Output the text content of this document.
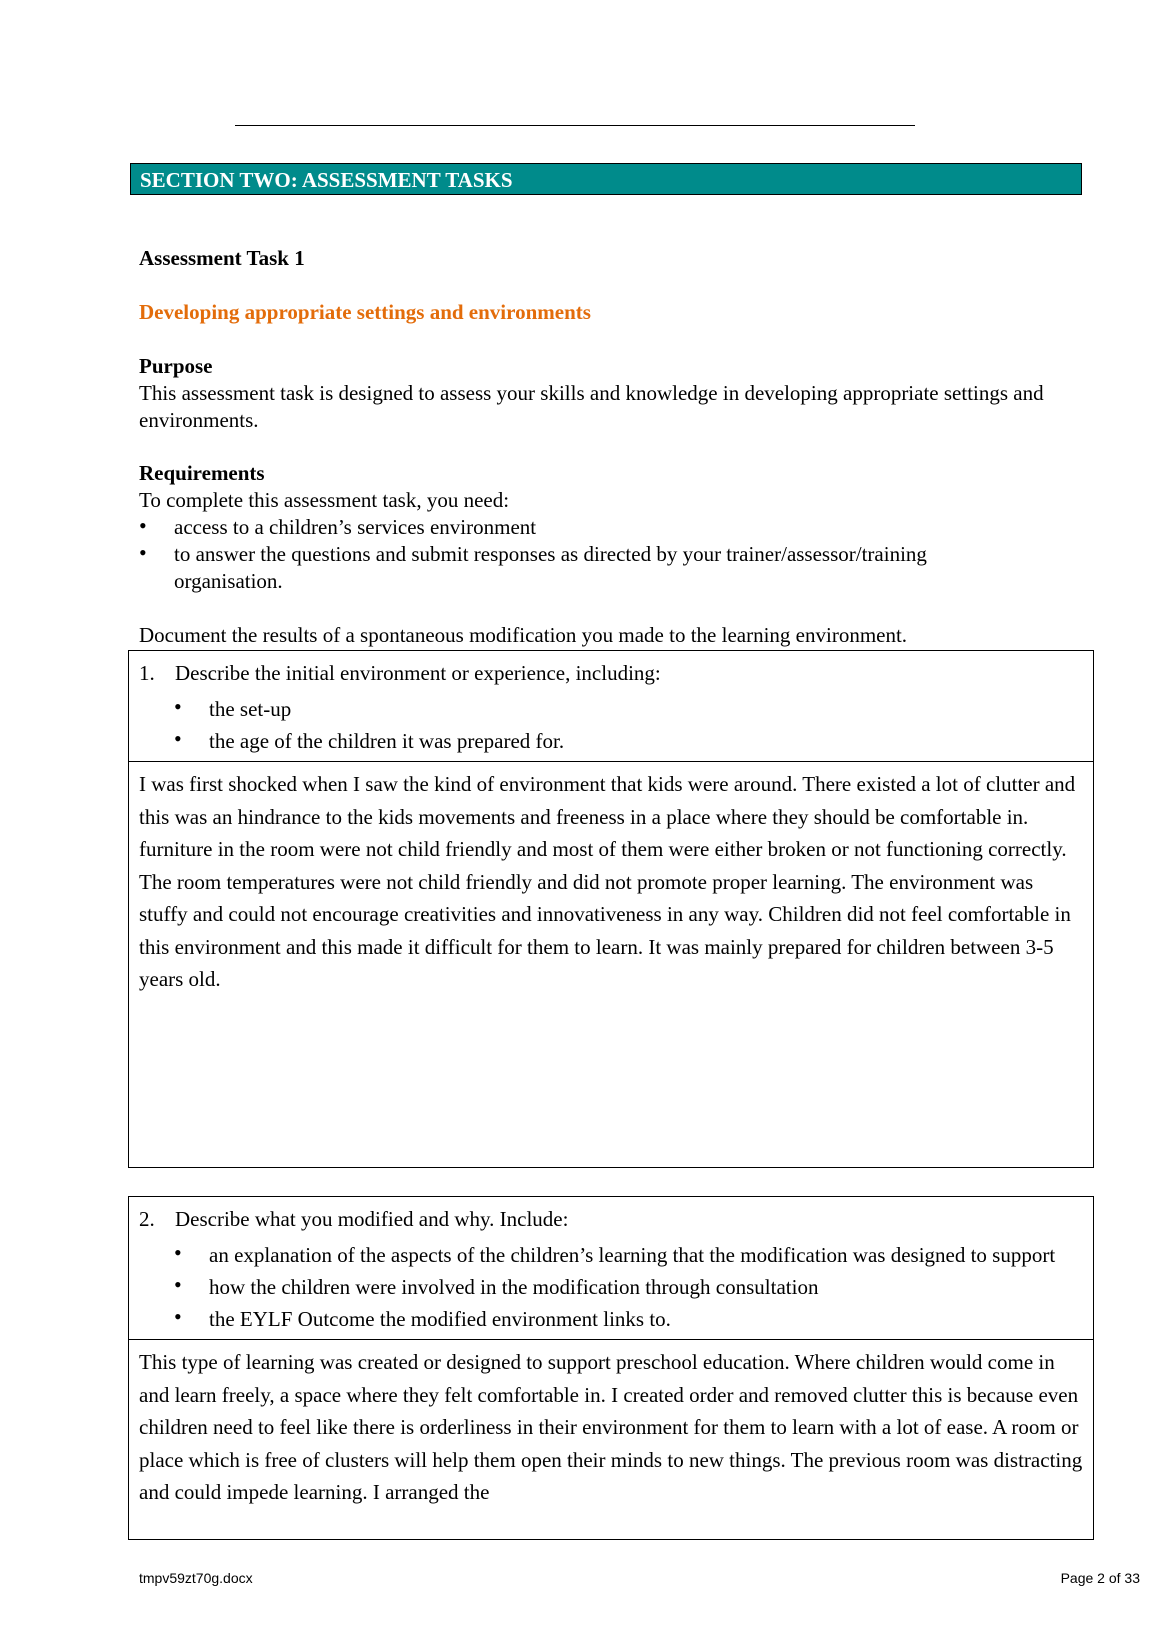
SECTION TWO: ASSESSMENT TASKS
Assessment Task 1
Developing appropriate settings and environments
Purpose
This assessment task is designed to assess your skills and knowledge in developing appropriate settings and environments.
Requirements
To complete this assessment task, you need:
• access to a children’s services environment
• to answer the questions and submit responses as directed by your trainer/assessor/training organisation.
Document the results of a spontaneous modification you made to the learning environment.
1. Describe the initial environment or experience, including:
• the set-up
• the age of the children it was prepared for.
I was first shocked when I saw the kind of environment that kids were around. There existed a lot of clutter and this was an hindrance to the kids movements and freeness in a place where they should be comfortable in. furniture in the room were not child friendly and most of them were either broken or not functioning correctly. The room temperatures were not child friendly and did not promote proper learning. The environment was stuffy and could not encourage creativities and innovativeness in any way. Children did not feel comfortable in this environment and this made it difficult for them to learn. It was mainly prepared for children between 3-5 years old.
2. Describe what you modified and why. Include:
• an explanation of the aspects of the children’s learning that the modification was designed to support
• how the children were involved in the modification through consultation
• the EYLF Outcome the modified environment links to.
This type of learning was created or designed to support preschool education. Where children would come in and learn freely, a space where they felt comfortable in. I created order and removed clutter this is because even children need to feel like there is orderliness in their environment for them to learn with a lot of ease. A room or place which is free of clusters will help them open their minds to new things. The previous room was distracting and could impede learning. I arranged the
tmpv59zt70g.docx	Page 2 of 33
